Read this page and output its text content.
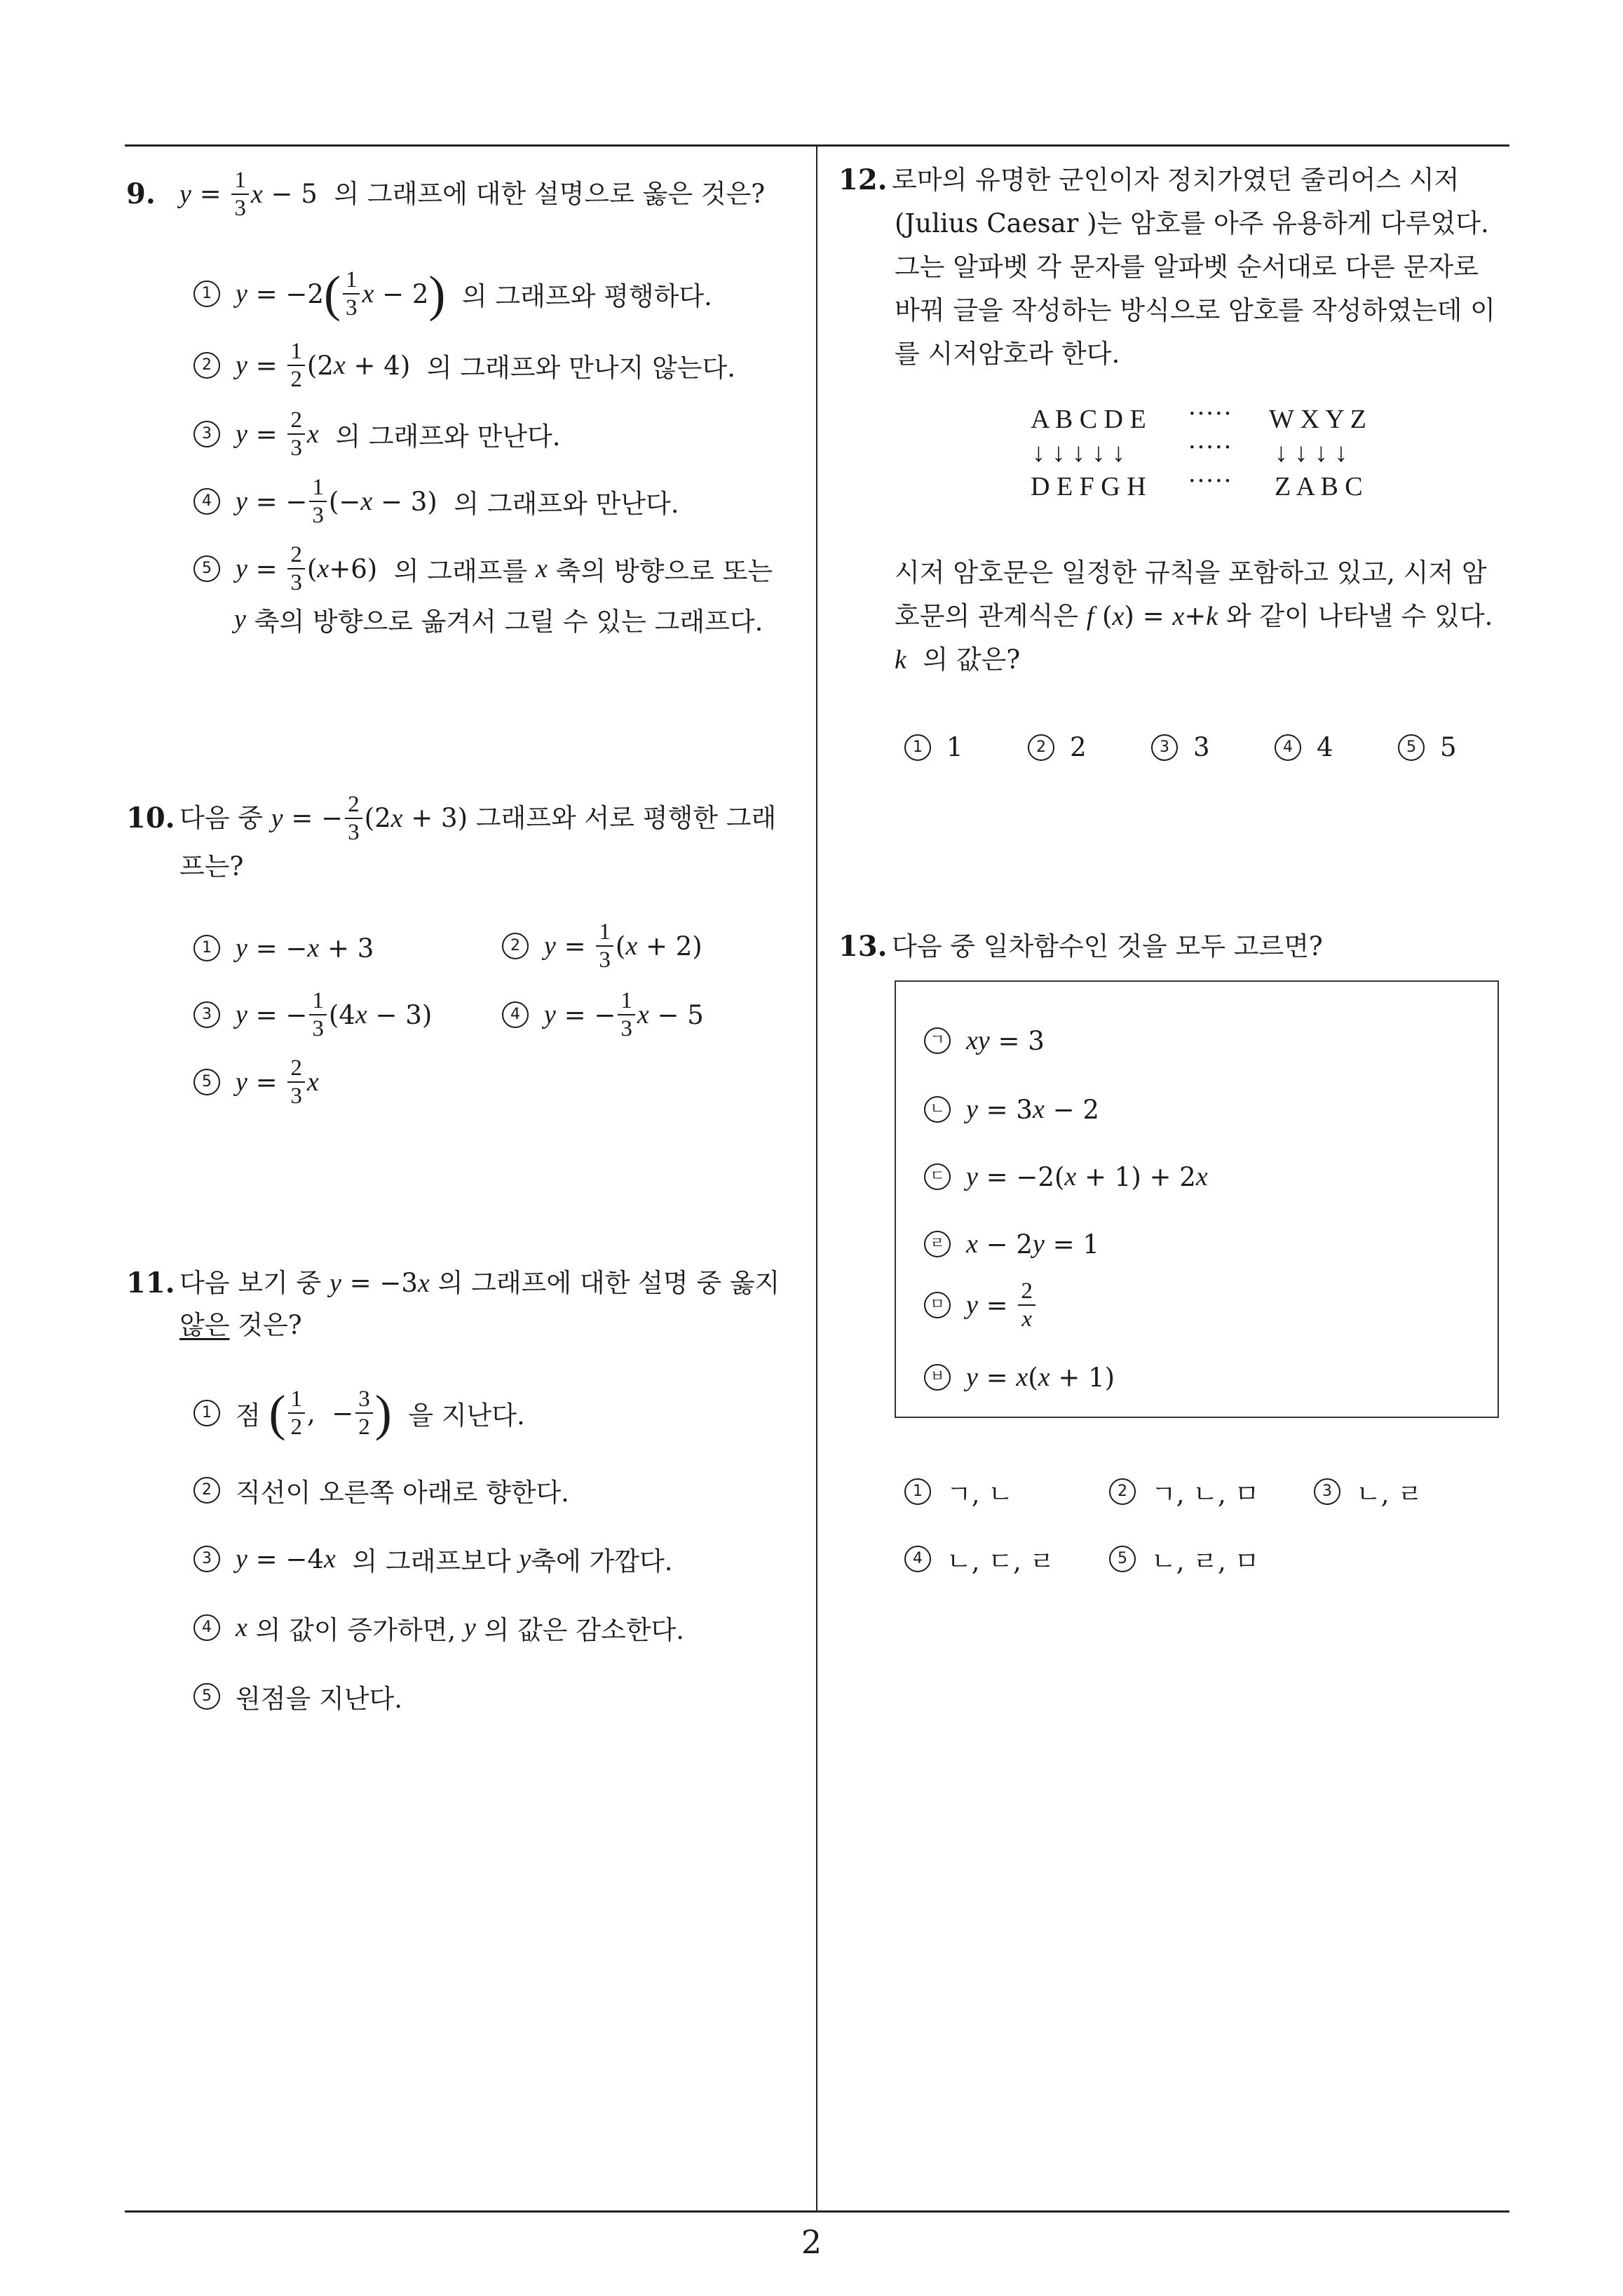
2
9. $y = \frac{1}{3}$ x − 5 의 그래프에 대한 설명으로 옳은 것은?
1 y = −2 ( $\frac{1}{3}$ x − 2 )
의 그래프와 평행하다.
2 $y = \frac{1}{2} (2$ x + 4) 의 그래프와 만나지 않는다.
3 $y = \frac{2}{3}$ x
의 그래프와 만난다.
4 y = − $\frac{1}{3}$ (− x − 3) 의 그래프와 만난다.
5 $y = \frac{2}{3}$ ( x +6) 의 그래프를
x
축의 방향으로 또는
y
축의 방향으로 옮겨서 그릴 수 있는 그래프다.
10. 다음 중
y = − $\frac{2}{3} (2$ x + 3) 그래프와 서로 평행한 그래
프는?
1 y = − x + 3	2 $y = \frac{1}{3}$ ( x + 2)
3 y = − $\frac{1}{3} (4$ x − 3)	4 y = − $\frac{1}{3}$ x − 5
5 $y = \frac{2}{3}$ x
11. 다음 보기 중
y = −3 x
의 그래프에 대한 설명 중 옳지
않은 것은?
1 점
( $\frac{1}{2}$ ,  − $\frac{3}{2}$ )
을 지난다.
2 직선이 오른쪽 아래로 향한다.
3 y = −4 x
의 그래프보다
y 축에 가깝다.
4 x
의 값이 증가하면,
y
의 값은 감소한다.
5 원점을 지난다.
12. 로마의 유명한 군인이자 정치가였던 줄리어스 시저
(Julius Caesar )는 암호를 아주 유용하게 다루었다.
그는 알파벳 각 문자를 알파벳 순서대로 다른 문자로
바꿔 글을 작성하는 방식으로 암호를 작성하였는데 이
를 시저암호라 한다.
A B C D E ····· W X Y Z
↓ ↓ ↓ ↓ ↓ ····· ↓ ↓ ↓ ↓
D E F G H ····· Z A B C
시저 암호문은 일정한 규칙을 포함하고 있고, 시저 암
호문의 관계식은 f (x) = x+k 와 같이 나타낼 수 있다.
k 의 값은?
1 1	2 2	3 3	4 4	5 5
13. 다음 중 일차함수인 것을 모두 고르면?
ㄱ xy = 3
ㄴ y = 3 x − 2
ㄷ y = −2( x + 1) + 2 x
ㄹ x − 2 y = 1
ㅁ $y = \frac{2}{x}$
ㅂ y = x ( x + 1)
1 ㄱ, ㄴ	2 ㄱ, ㄴ, ㅁ	3 ㄴ, ㄹ
4 ㄴ, ㄷ, ㄹ	5 ㄴ, ㄹ, ㅁ
